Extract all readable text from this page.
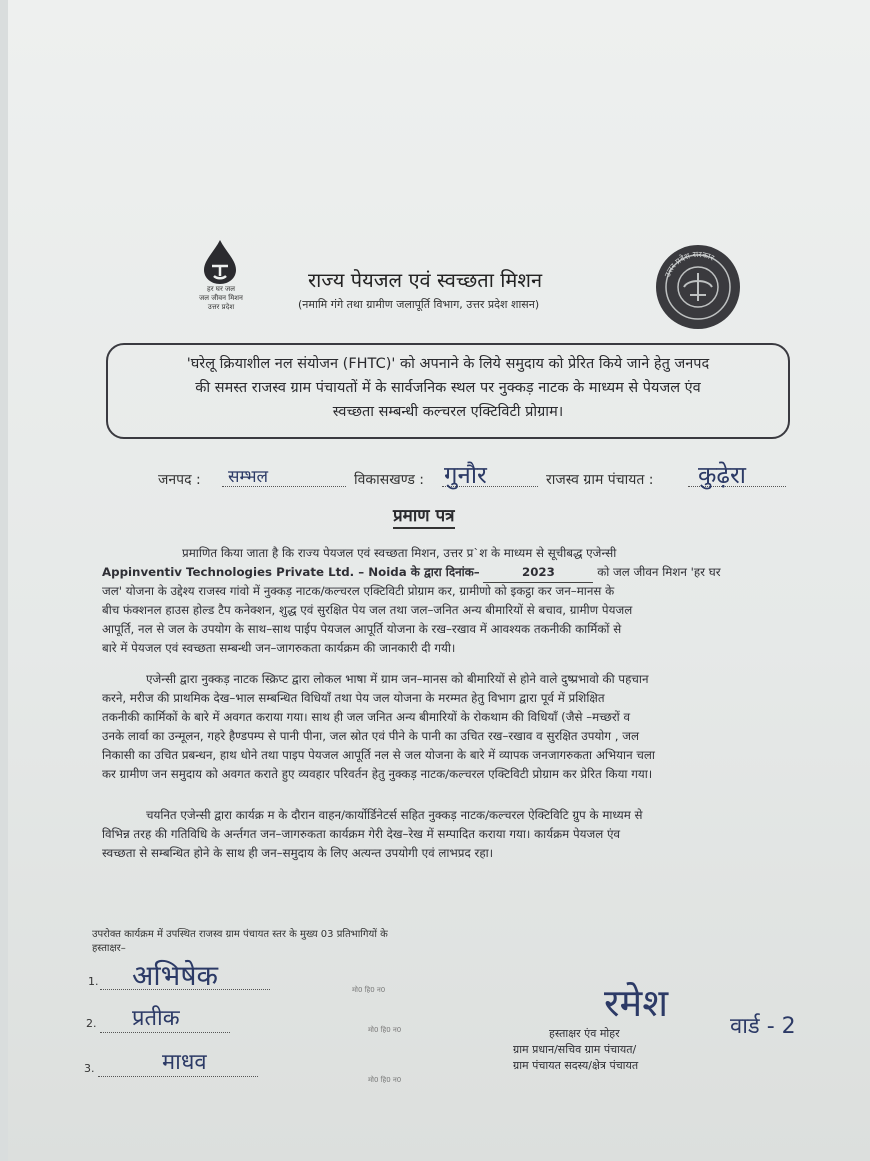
हर घर जल
जल जीवन मिशन
उत्तर प्रदेश
उत्तर प्रदेश सरकार
राज्य पेयजल एवं स्वच्छता मिशन
(नमामि गंगे तथा ग्रामीण जलापूर्ति विभाग, उत्तर प्रदेश शासन)
'घरेलू क्रियाशील नल संयोजन (FHTC)' को अपनाने के लिये समुदाय को प्रेरित किये जाने हेतु जनपद
की समस्त राजस्व ग्राम पंचायतों में के सार्वजनिक स्थल पर नुक्कड़ नाटक के माध्यम से पेयजल एंव
स्वच्छता सम्बन्धी कल्चरल एक्टिविटी प्रोग्राम।
जनपद : सम्भल	विकासखण्ड : गुनौर	राजस्व ग्राम पंचायत : कुढ़ेरा
प्रमाण पत्र
प्रमाणित किया जाता है कि राज्य पेयजल एवं स्वच्छता मिशन, उत्तर प्र`श के माध्यम से सूचीबद्ध एजेन्सी
Appinventiv Technologies Private Ltd. – Noida के द्वारा दिनांक–	2023	को जल जीवन मिशन 'हर घर
जल' योजना के उद्देश्य राजस्व गांवो में नुक्कड़ नाटक/कल्चरल एक्टिविटी प्रोग्राम कर, ग्रामीणो को इकट्ठा कर जन–मानस के
बीच फंक्शनल हाउस होल्ड टैप कनेक्शन, शुद्ध एवं सुरक्षित पेय जल तथा जल–जनित अन्य बीमारियों से बचाव, ग्रामीण पेयजल
आपूर्ति, नल से जल के उपयोग के साथ–साथ पाईप पेयजल आपूर्ति योजना के रख–रखाव में आवश्यक तकनीकी कार्मिकों से
बारे में पेयजल एवं स्वच्छता सम्बन्धी जन–जागरुकता कार्यक्रम की जानकारी दी गयी।
एजेन्सी द्वारा नुक्कड़ नाटक स्क्रिप्ट द्वारा लोकल भाषा में ग्राम जन–मानस को बीमारियों से होने वाले दुष्प्रभावो की पहचान
करने, मरीज की प्राथमिक देख–भाल सम्बन्धित विधियाँ तथा पेय जल योजना के मरम्मत हेतु विभाग द्वारा पूर्व में प्रशिक्षित
तकनीकी कार्मिकों के बारे में अवगत कराया गया। साथ ही जल जनित अन्य बीमारियों के रोकथाम की विधियाँ (जैसे –मच्छरों व
उनके लार्वा का उन्मूलन, गहरे हैण्डपम्प से पानी पीना, जल स्रोत एवं पीने के पानी का उचित रख–रखाव व सुरक्षित उपयोग , जल
निकासी का उचित प्रबन्धन, हाथ धोने तथा पाइप पेयजल आपूर्ति नल से जल योजना के बारे में व्यापक जनजागरुकता अभियान चला
कर ग्रामीण जन समुदाय को अवगत कराते हुए व्यवहार परिवर्तन हेतु नुक्कड़ नाटक/कल्चरल एक्टिविटी प्रोग्राम कर प्रेरित किया गया।
चयनित एजेन्सी द्वारा कार्यक्र म के दौरान वाहन/कार्योर्डिनेटर्स सहित नुक्कड़ नाटक/कल्चरल ऐक्टिविटि ग्रुप के माध्यम से
विभिन्न तरह की गतिविधि के अर्न्तगत जन–जागरुकता कार्यक्रम गेरी देख–रेख में सम्पादित कराया गया। कार्यक्रम पेयजल एंव
स्वच्छता से सम्बन्धित होने के साथ ही जन–समुदाय के लिए अत्यन्त उपयोगी एवं लाभप्रद रहा।
उपरोक्त कार्यक्रम में उपस्थित राजस्व ग्राम पंचायत स्तर के मुख्य 03 प्रतिभागियों के
हस्ताक्षर–
1. अभिषेक	मो0 हि0 न0
2. प्रतीक	मो0 हि0 न0
3.	माधव
मो0 हि0 न0
रमेश
वार्ड - 2
हस्ताक्षर एंव मोहर
ग्राम प्रधान/सचिव ग्राम पंचायत/
ग्राम पंचायत सदस्य/क्षेत्र पंचायत
